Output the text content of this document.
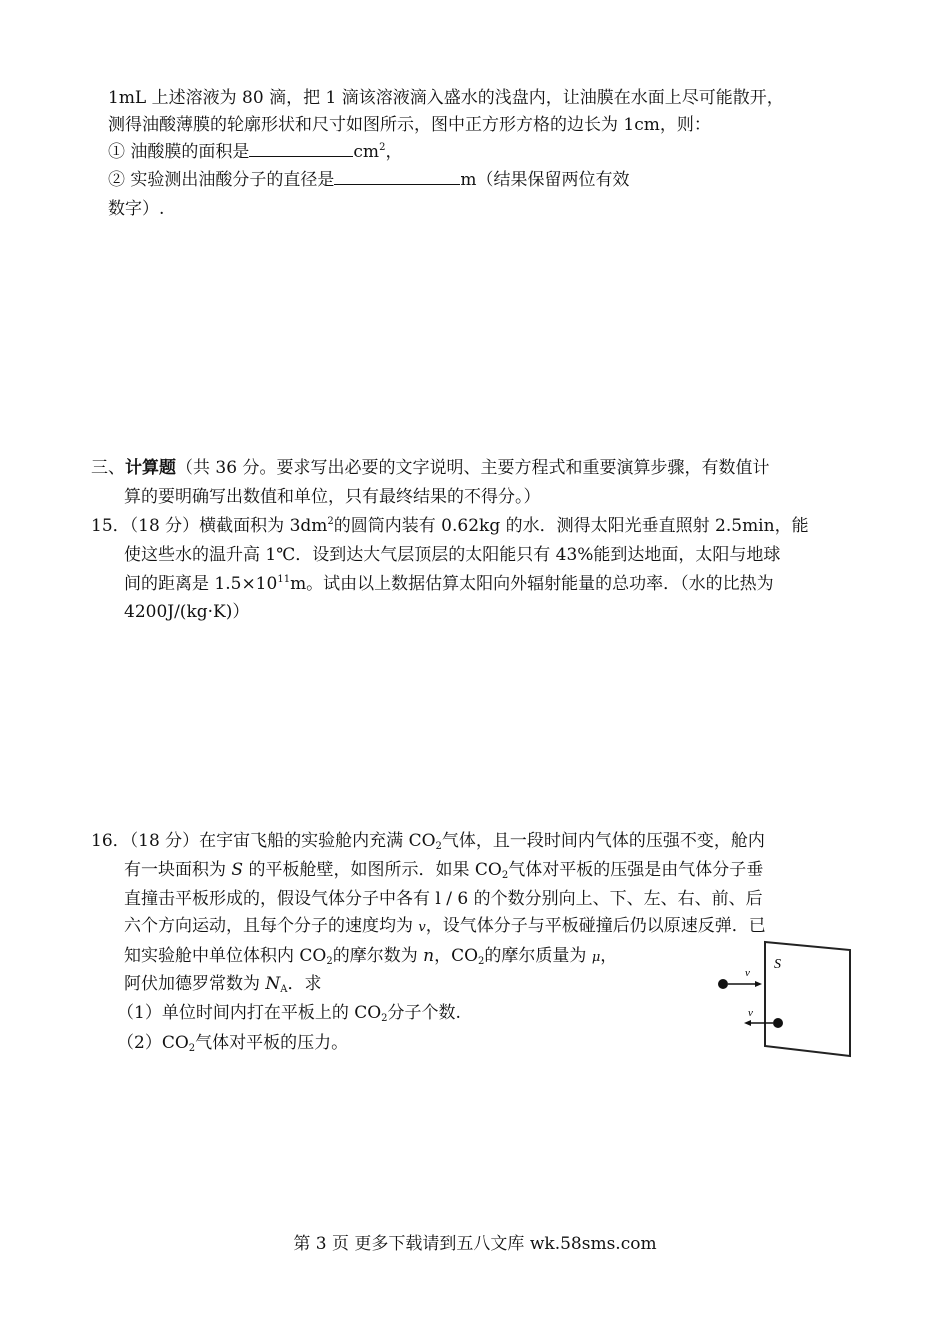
1mL 上述溶液为 80 滴，把 1 滴该溶液滴入盛水的浅盘内，让油膜在水面上尽可能散开，
测得油酸薄膜的轮廓形状和尺寸如图所示，图中正方形方格的边长为 1cm，则：
① 油酸膜的面积是	$cm^2$，
② 实验测出油酸分子的直径是	m（结果保留两位有效
数字）.
三、计算题（共 36 分。要求写出必要的文字说明、主要方程式和重要演算步骤，有数值计
算的要明确写出数值和单位，只有最终结果的不得分。）
15．（18 分）横截面积为 $3dm^2$的圆筒内装有 0.62kg 的水．测得太阳光垂直照射 2.5min，能
使这些水的温升高 1℃．设到达大气层顶层的太阳能只有 43%能到达地面，太阳与地球
间的距离是 $1.5\times 10^{11}m$。试由以上数据估算太阳向外辐射能量的总功率．（水的比热为
4200J/(kg·K)）
16．（18 分）在宇宙飞船的实验舱内充满 $CO_2$气体，且一段时间内气体的压强不变，舱内
有一块面积为 S 的平板舱壁，如图所示．如果 $CO_2$气体对平板的压强是由气体分子垂
直撞击平板形成的，假设气体分子中各有 l / 6 的个数分别向上、下、左、右、前、后
六个方向运动，且每个分子的速度均为 v，设气体分子与平板碰撞后仍以原速反弹．已
知实验舱中单位体积内 $CO_2$的摩尔数为 n，$CO_2$的摩尔质量为 μ，
阿伏加德罗常数为 $N_A$．求
（1）单位时间内打在平板上的 $CO_2$分子个数.
$(2)CO_2$气体对平板的压力。
S
v
v
第 3 页 更多下载请到五八文库 wk.58sms.com
